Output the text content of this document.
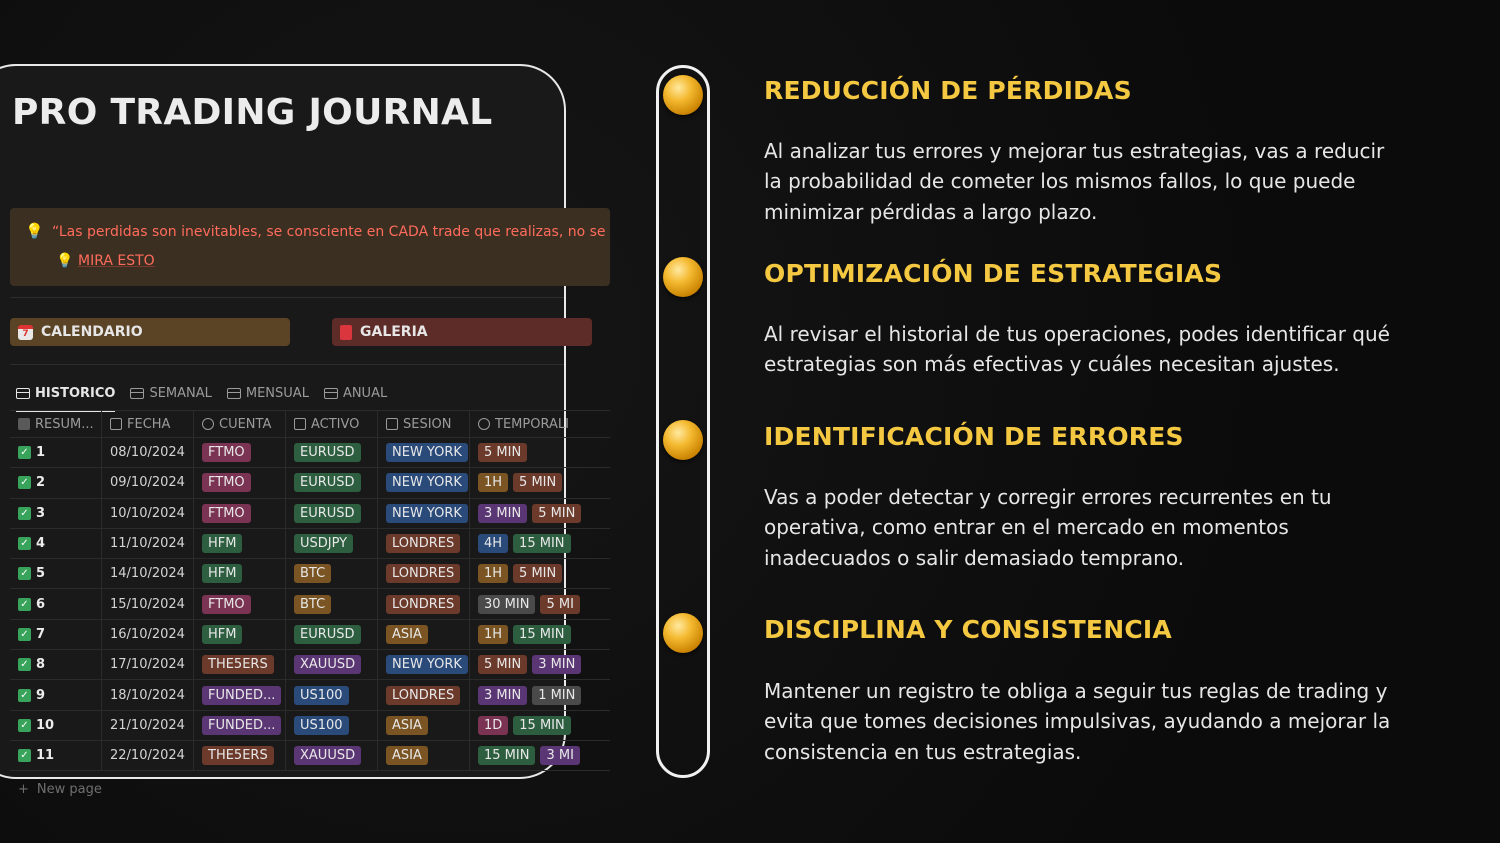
PRO TRADING JOURNAL
💡 “Las perdidas son inevitables, se consciente en CADA trade que realizas, no se
💡 MIRA ESTO
7 CALENDARIO	GALERIA
HISTORICO	SEMANAL	MENSUAL	ANUAL
RESUM...	FECHA	CUENTA	ACTIVO	SESION	TEMPORALI
✓ 1	08/10/2024	FTMO	EURUSD	NEW YORK	5 MIN
✓ 2	09/10/2024	FTMO	EURUSD	NEW YORK	1H	5 MIN
✓ 3	10/10/2024	FTMO	EURUSD	NEW YORK	3 MIN	5 MIN
✓ 4	11/10/2024	HFM	USDJPY	LONDRES	4H	15 MIN
✓ 5	14/10/2024	HFM	BTC	LONDRES	1H	5 MIN
✓ 6	15/10/2024	FTMO	BTC	LONDRES	30 MIN	5 MI
✓ 7	16/10/2024	HFM	EURUSD	ASIA	1H	15 MIN
✓ 8	17/10/2024	THE5ERS	XAUUSD	NEW YORK	5 MIN	3 MIN
✓ 9	18/10/2024	FUNDED...	US100	LONDRES	3 MIN	1 MIN
✓ 10	21/10/2024	FUNDED...	US100	ASIA	1D	15 MIN
✓ 11	22/10/2024	THE5ERS	XAUUSD	ASIA	15 MIN	3 MI
+ New page
REDUCCIÓN DE PÉRDIDAS
Al analizar tus errores y mejorar tus estrategias, vas a reducir la probabilidad de cometer los mismos fallos, lo que puede minimizar pérdidas a largo plazo.
OPTIMIZACIÓN DE ESTRATEGIAS
Al revisar el historial de tus operaciones, podes identificar qué estrategias son más efectivas y cuáles necesitan ajustes.
IDENTIFICACIÓN DE ERRORES
Vas a poder detectar y corregir errores recurrentes en tu operativa, como entrar en el mercado en momentos inadecuados o salir demasiado temprano.
DISCIPLINA Y CONSISTENCIA
Mantener un registro te obliga a seguir tus reglas de trading y evita que tomes decisiones impulsivas, ayudando a mejorar la consistencia en tus estrategias.
